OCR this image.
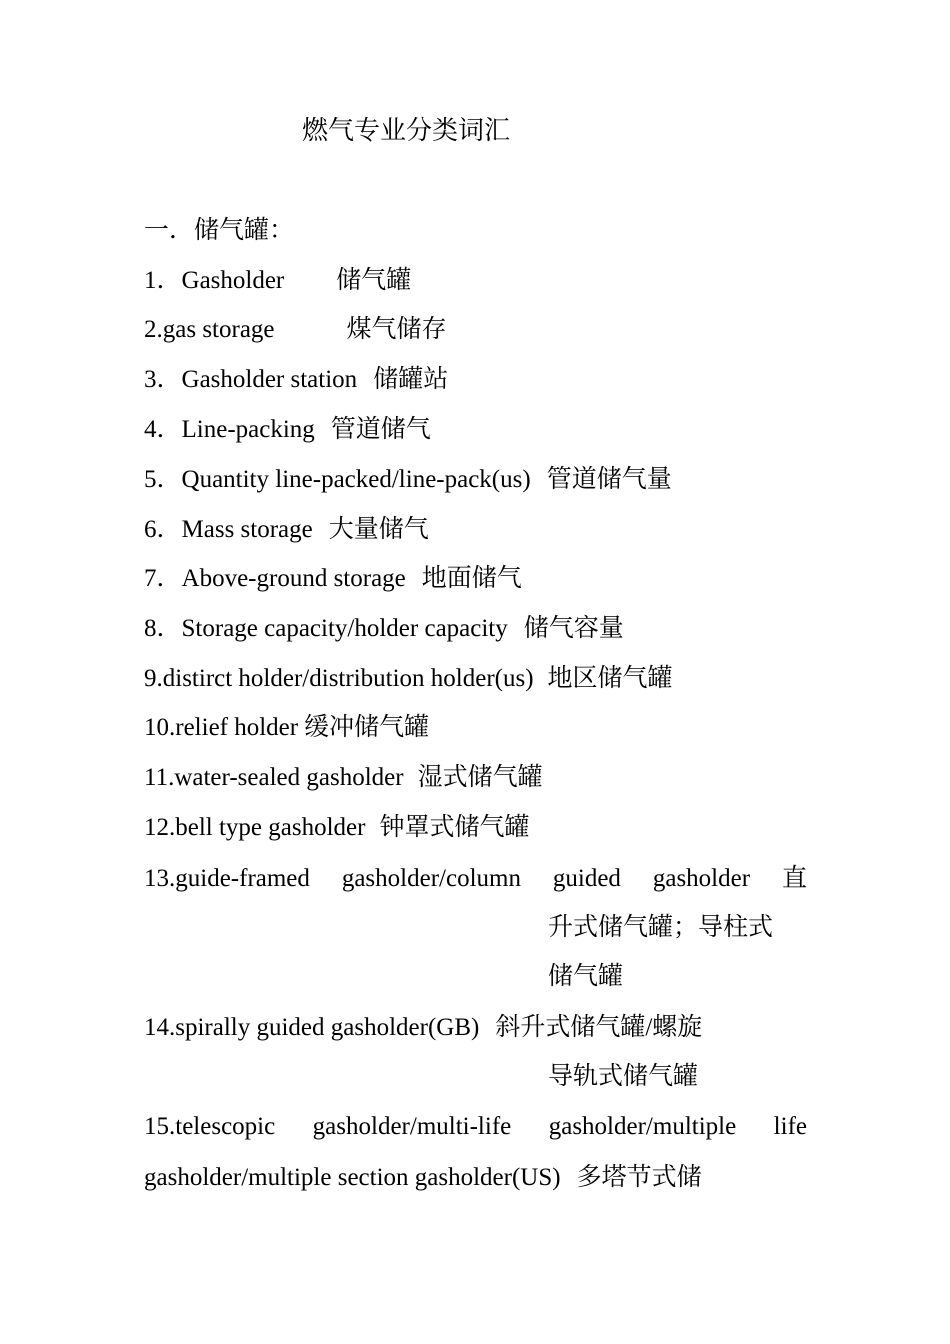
燃气专业分类词汇
一．储气罐：
1．Gasholder 储气罐
2.gas storage	煤气储存
3．Gasholder station 储罐站
4．Line-packing 管道储气
5．Quantity line-packed/line-pack(us) 管道储气量
6．Mass storage 大量储气
7．Above-ground storage 地面储气
8．Storage capacity/holder capacity 储气容量
9.distirct holder/distribution holder(us) 地区储气罐
10.relief holder 缓冲储气罐
11.water-sealed gasholder 湿式储气罐
12.bell type gasholder 钟罩式储气罐
13.guide-framed gasholder/column guided gasholder 直
升式储气罐；导柱式
储气罐
14.spirally guided gasholder(GB) 斜升式储气罐/螺旋
导轨式储气罐
15.telescopic gasholder/multi-life gasholder/multiple life
gasholder/multiple section gasholder(US) 多塔节式储
